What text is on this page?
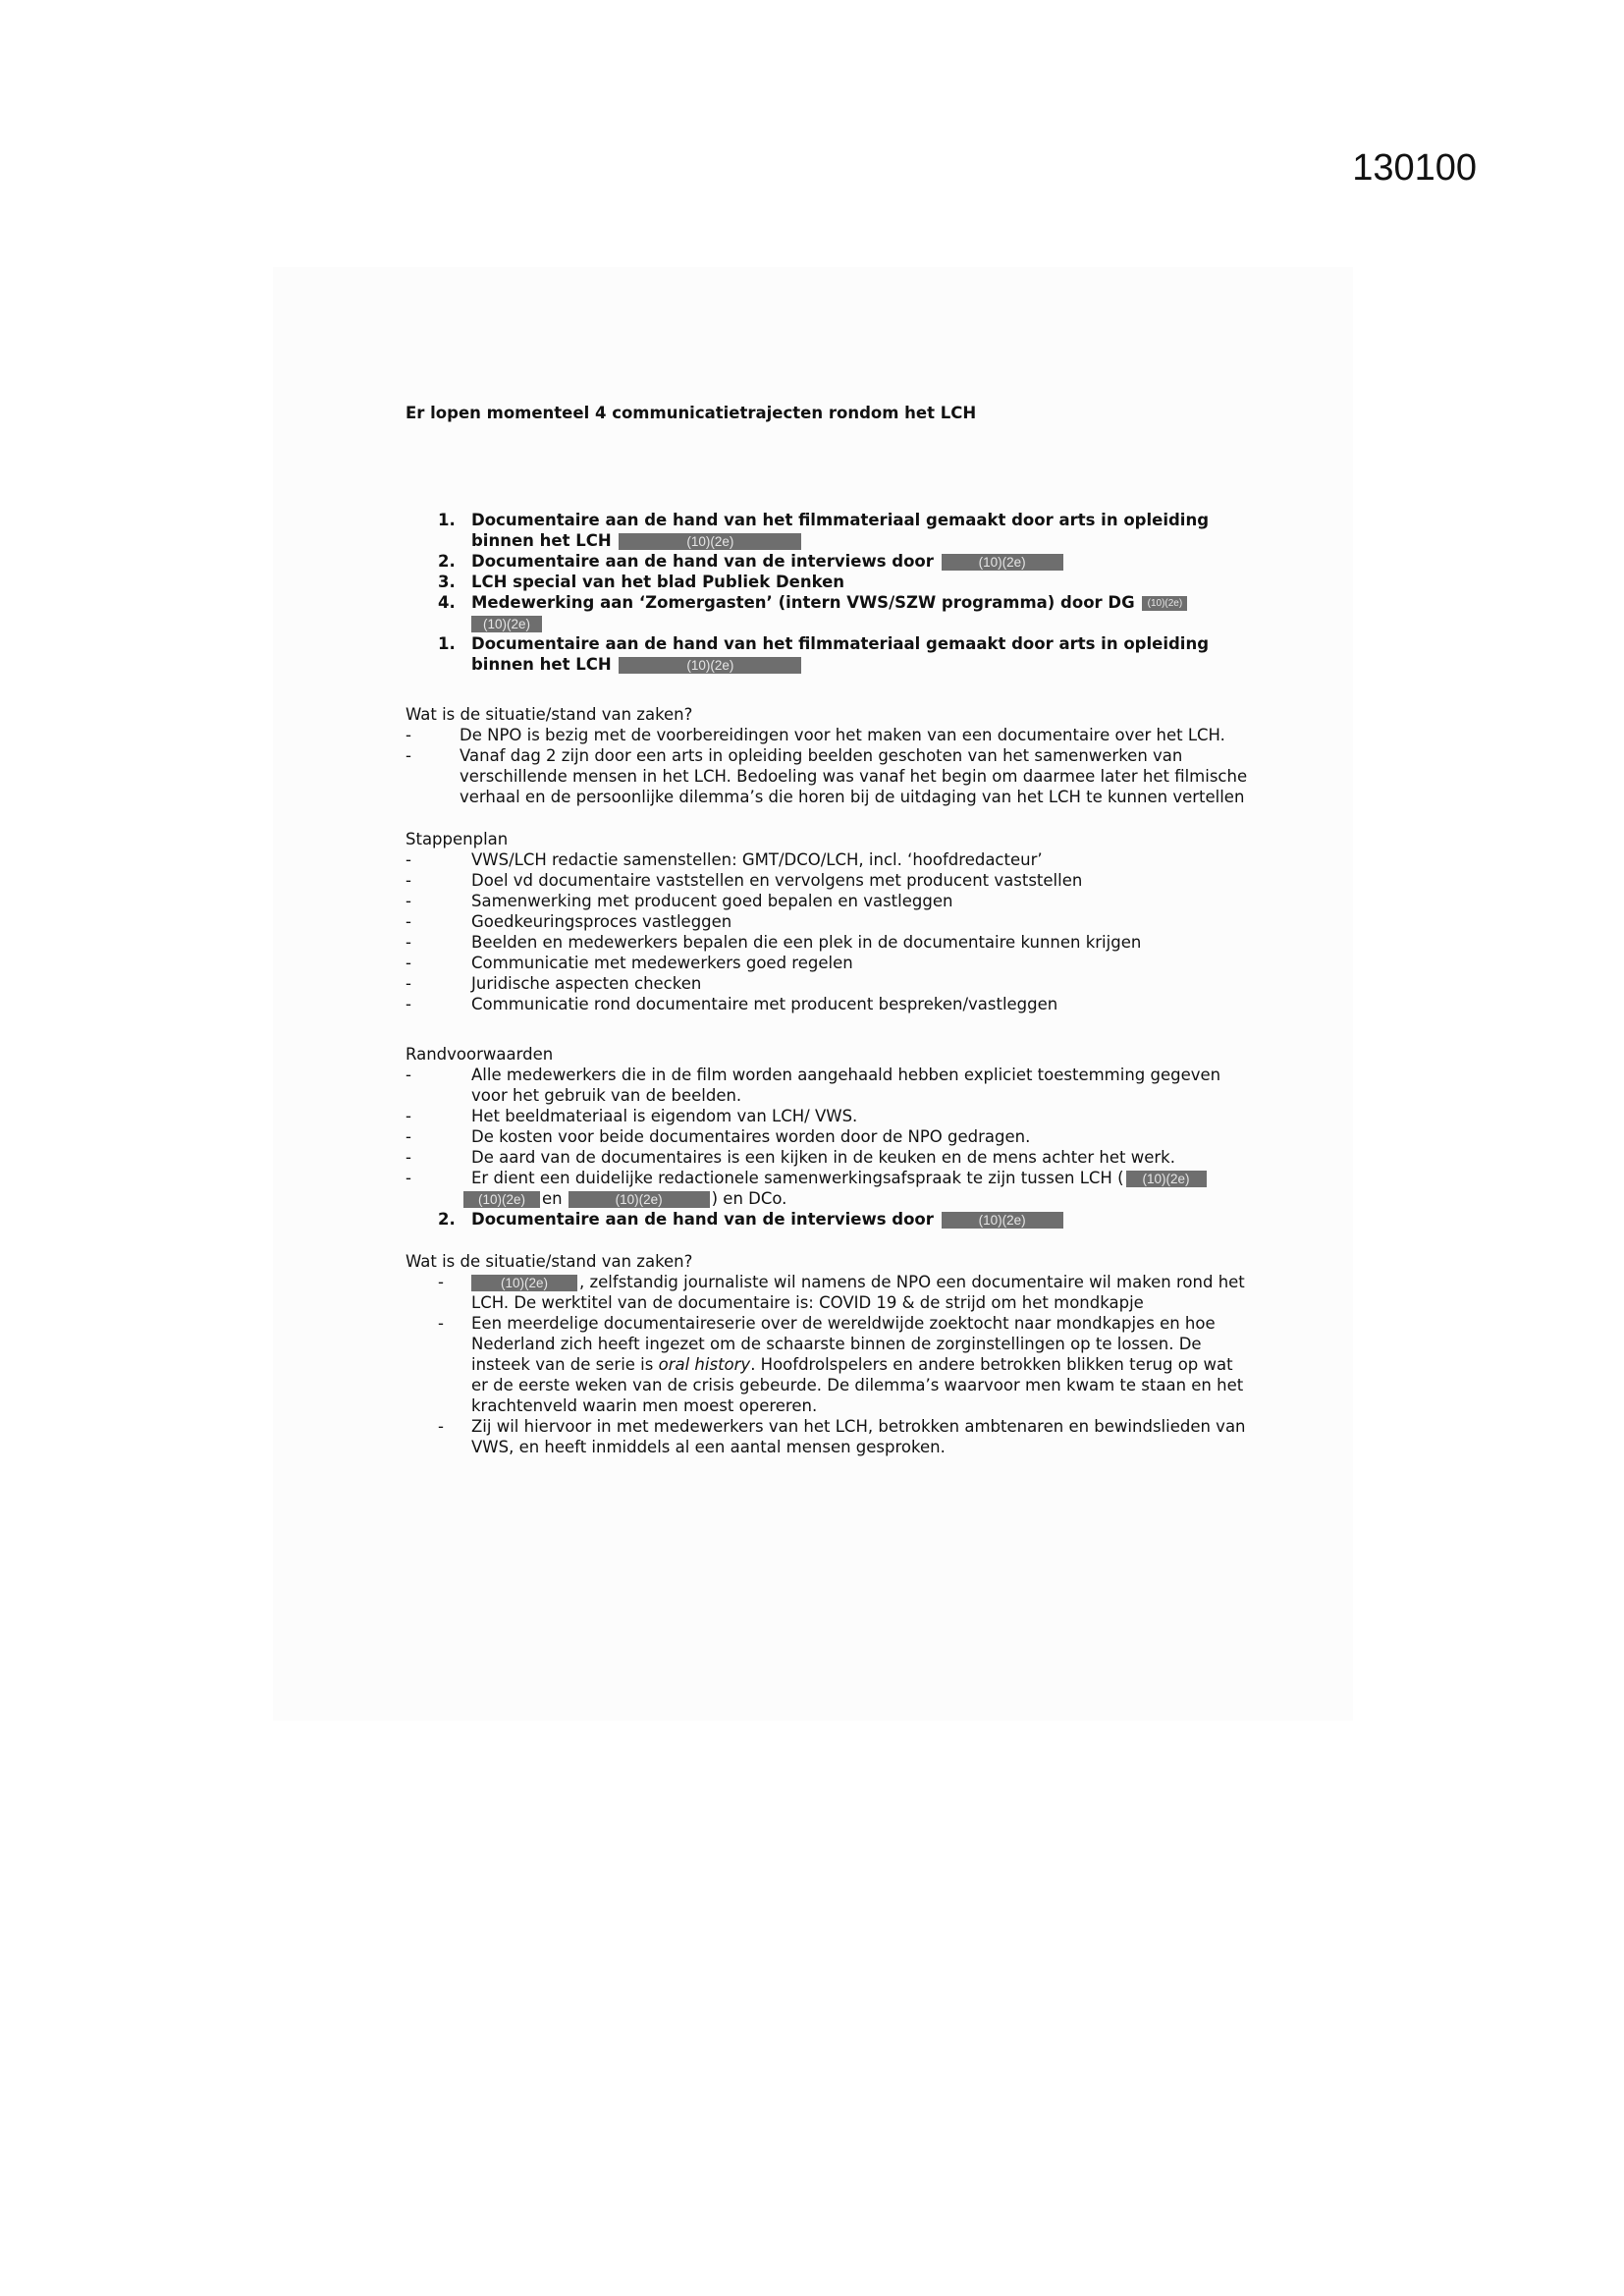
130100

Er lopen momenteel 4 communicatietrajecten rondom het LCH

1. Documentaire aan de hand van het filmmateriaal gemaakt door arts in opleiding binnen het LCH	(10)(2e)
2. Documentaire aan de hand van de interviews door	(10)(2e)
3. LCH special van het blad Publiek Denken
4. Medewerking aan ‘Zomergasten’ (intern VWS/SZW programma) door DG (10)(2e)
(10)(2e)
1. Documentaire aan de hand van het filmmateriaal gemaakt door arts in opleiding binnen het LCH	(10)(2e)

Wat is de situatie/stand van zaken?

-	De NPO is bezig met de voorbereidingen voor het maken van een documentaire over het LCH.
-	Vanaf dag 2 zijn door een arts in opleiding beelden geschoten van het samenwerken van verschillende mensen in het LCH. Bedoeling was vanaf het begin om daarmee later het filmische verhaal en de persoonlijke dilemma’s die horen bij de uitdaging van het LCH te kunnen vertellen

Stappenplan

-	VWS/LCH redactie samenstellen: GMT/DCO/LCH, incl. ‘hoofdredacteur’
-	Doel vd documentaire vaststellen en vervolgens met producent vaststellen
-	Samenwerking met producent goed bepalen en vastleggen
-	Goedkeuringsproces vastleggen
-	Beelden en medewerkers bepalen die een plek in de documentaire kunnen krijgen
-	Communicatie met medewerkers goed regelen
-	Juridische aspecten checken
-	Communicatie rond documentaire met producent bespreken/vastleggen

Randvoorwaarden

-	Alle medewerkers die in de film worden aangehaald hebben expliciet toestemming gegeven voor het gebruik van de beelden.
-	Het beeldmateriaal is eigendom van LCH/ VWS.
-	De kosten voor beide documentaires worden door de NPO gedragen.
-	De aard van de documentaires is een kijken in de keuken en de mens achter het werk.
-	Er dient een duidelijke redactionele samenwerkingsafspraak te zijn tussen LCH ( (10)(2e)
(10)(2e) en	(10)(2e)	) en DCo.
2. Documentaire aan de hand van de interviews door	(10)(2e)

Wat is de situatie/stand van zaken?

-	(10)(2e) , zelfstandig journaliste wil namens de NPO een documentaire wil maken rond het LCH. De werktitel van de documentaire is: COVID 19 & de strijd om het mondkapje
- Een meerdelige documentaireserie over de wereldwijde zoektocht naar mondkapjes en hoe Nederland zich heeft ingezet om de schaarste binnen de zorginstellingen op te lossen. De insteek van de serie is oral history. Hoofdrolspelers en andere betrokken blikken terug op wat er de eerste weken van de crisis gebeurde. De dilemma’s waarvoor men kwam te staan en het krachtenveld waarin men moest opereren.
- Zij wil hiervoor in met medewerkers van het LCH, betrokken ambtenaren en bewindslieden van VWS, en heeft inmiddels al een aantal mensen gesproken.
